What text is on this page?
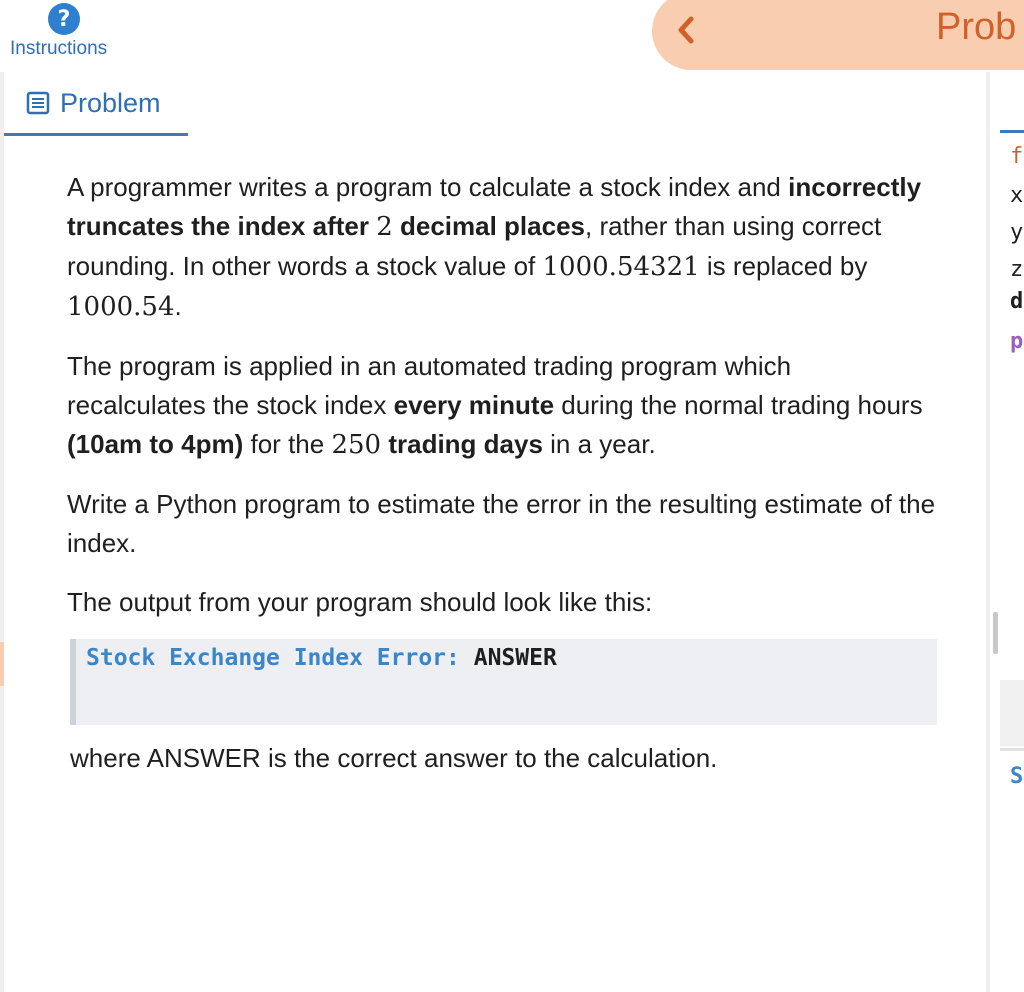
?
Instructions
Prob
Problem

A programmer writes a program to calculate a stock index and incorrectly truncates the index after 2 decimal places, rather than using correct rounding. In other words a stock value of 1000.54321 is replaced by 1000.54.

The program is applied in an automated trading program which recalculates the stock index every minute during the normal trading hours (10am to 4pm) for the 250 trading days in a year.

Write a Python program to estimate the error in the resulting estimate of the index.

The output from your program should look like this:

Stock Exchange Index Error: ANSWER
where ANSWER is the correct answer to the calculation.
f
x
y
z
d
p
S
